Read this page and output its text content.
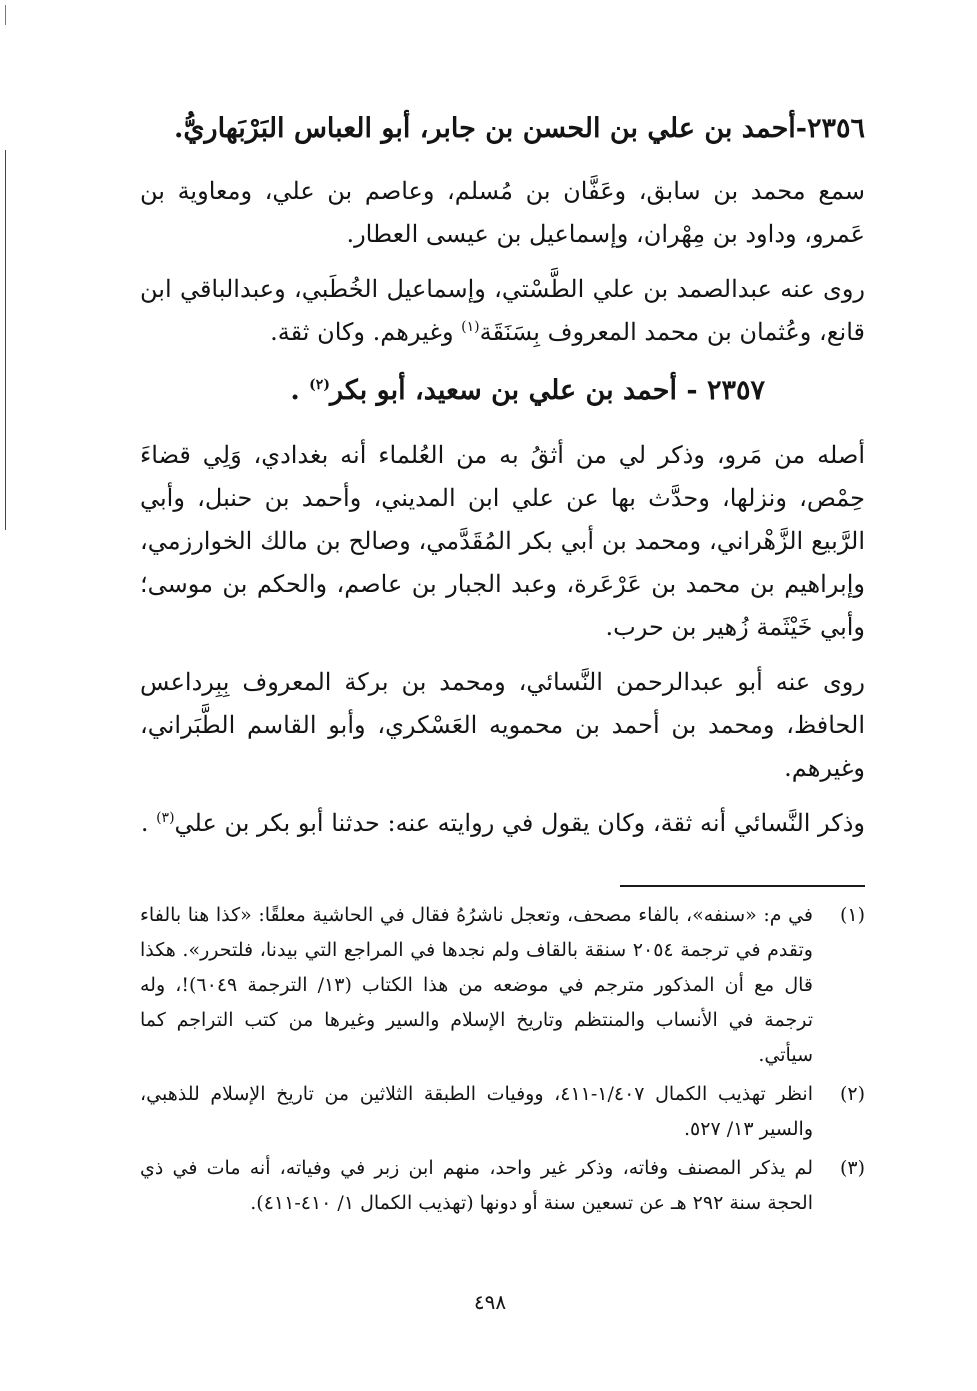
٢٣٥٦-أحمد بن علي بن الحسن بن جابر، أبو العباس البَرْبَهاريُّ.

سمع محمد بن سابق، وعَفَّان بن مُسلم، وعاصم بن علي، ومعاوية بن عَمرو، وداود بن مِهْران، وإسماعيل بن عيسى العطار.

روى عنه عبدالصمد بن علي الطَّسْتي، وإسماعيل الخُطَبي، وعبدالباقي ابن قانع، وعُثمان بن محمد المعروف بِسَنَقَة$^{(١)}$ وغيرهم. وكان ثقة.

٢٣٥٧ - أحمد بن علي بن سعيد، أبو بكر$^{(٢)}$ .

أصله من مَرو، وذكر لي من أثقُ به من العُلماء أنه بغدادي، وَلِي قضاءَ حِمْص، ونزلها، وحدَّث بها عن علي ابن المديني، وأحمد بن حنبل، وأبي الرَّبيع الزَّهْراني، ومحمد بن أبي بكر المُقَدَّمي، وصالح بن مالك الخوارزمي، وإبراهيم بن محمد بن عَرْعَرة، وعبد الجبار بن عاصم، والحكم بن موسى؛ وأبي خَيْثَمة زُهير بن حرب.

روى عنه أبو عبدالرحمن النَّسائي، ومحمد بن بركة المعروف بِبِرداعس الحافظ، ومحمد بن أحمد بن محمويه العَسْكري، وأبو القاسم الطَّبَراني، وغيرهم.

وذكر النَّسائي أنه ثقة، وكان يقول في روايته عنه: حدثنا أبو بكر بن علي$^{(٣)}$ .

(١)
في م: «سنفه»، بالفاء مصحف، وتعجل ناشرُهُ فقال في الحاشية معلقًا: «كذا هنا بالفاء وتقدم في ترجمة ٢٠٥٤ سنقة بالقاف ولم نجدها في المراجع التي بيدنا، فلتحرر». هكذا قال مع أن المذكور مترجم في موضعه من هذا الكتاب (١٣/ الترجمة ٦٠٤٩)!، وله ترجمة في الأنساب والمنتظم وتاريخ الإسلام والسير وغيرها من كتب التراجم كما سيأتي.
(٢)
انظر تهذيب الكمال ١/٤٠٧-٤١١، ووفيات الطبقة الثلاثين من تاريخ الإسلام للذهبي، والسير ١٣/ ٥٢٧.
(٣)
لم يذكر المصنف وفاته، وذكر غير واحد، منهم ابن زبر في وفياته، أنه مات في ذي الحجة سنة ٢٩٢ هـ عن تسعين سنة أو دونها (تهذيب الكمال ١/ ٤١٠-٤١١).
٤٩٨
